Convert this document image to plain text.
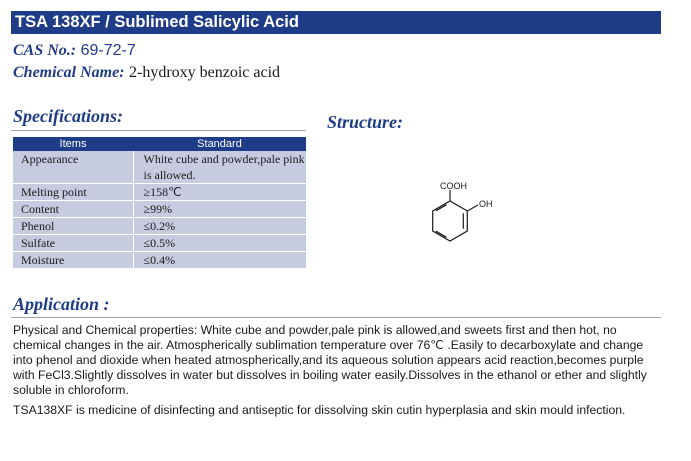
TSA 138XF / Sublimed Salicylic Acid
CAS No.: 69-72-7
Chemical Name: 2-hydroxy benzoic acid
Specifications:
Items	Standard
Appearance	White cube and powder,pale pink is allowed.
Melting point	≥158℃
Content	≥99%
Phenol	≤0.2%
Sulfate	≤0.5%
Moisture	≤0.4%
Structure:
COOH
OH
Application :

Physical and Chemical properties: White cube and powder,pale pink is allowed,and sweets first and then hot, no chemical changes in the air. Atmospherically sublimation temperature over 76℃ .Easily to decarboxylate and change into phenol and dioxide when heated atmospherically,and its aqueous solution appears acid reaction,becomes purple with FeCl3.Slightly dissolves in water but dissolves in boiling water easily.Dissolves in the ethanol or ether and slightly soluble in chloroform.

TSA138XF is medicine of disinfecting and antiseptic for dissolving skin cutin hyperplasia and skin mould infection.
